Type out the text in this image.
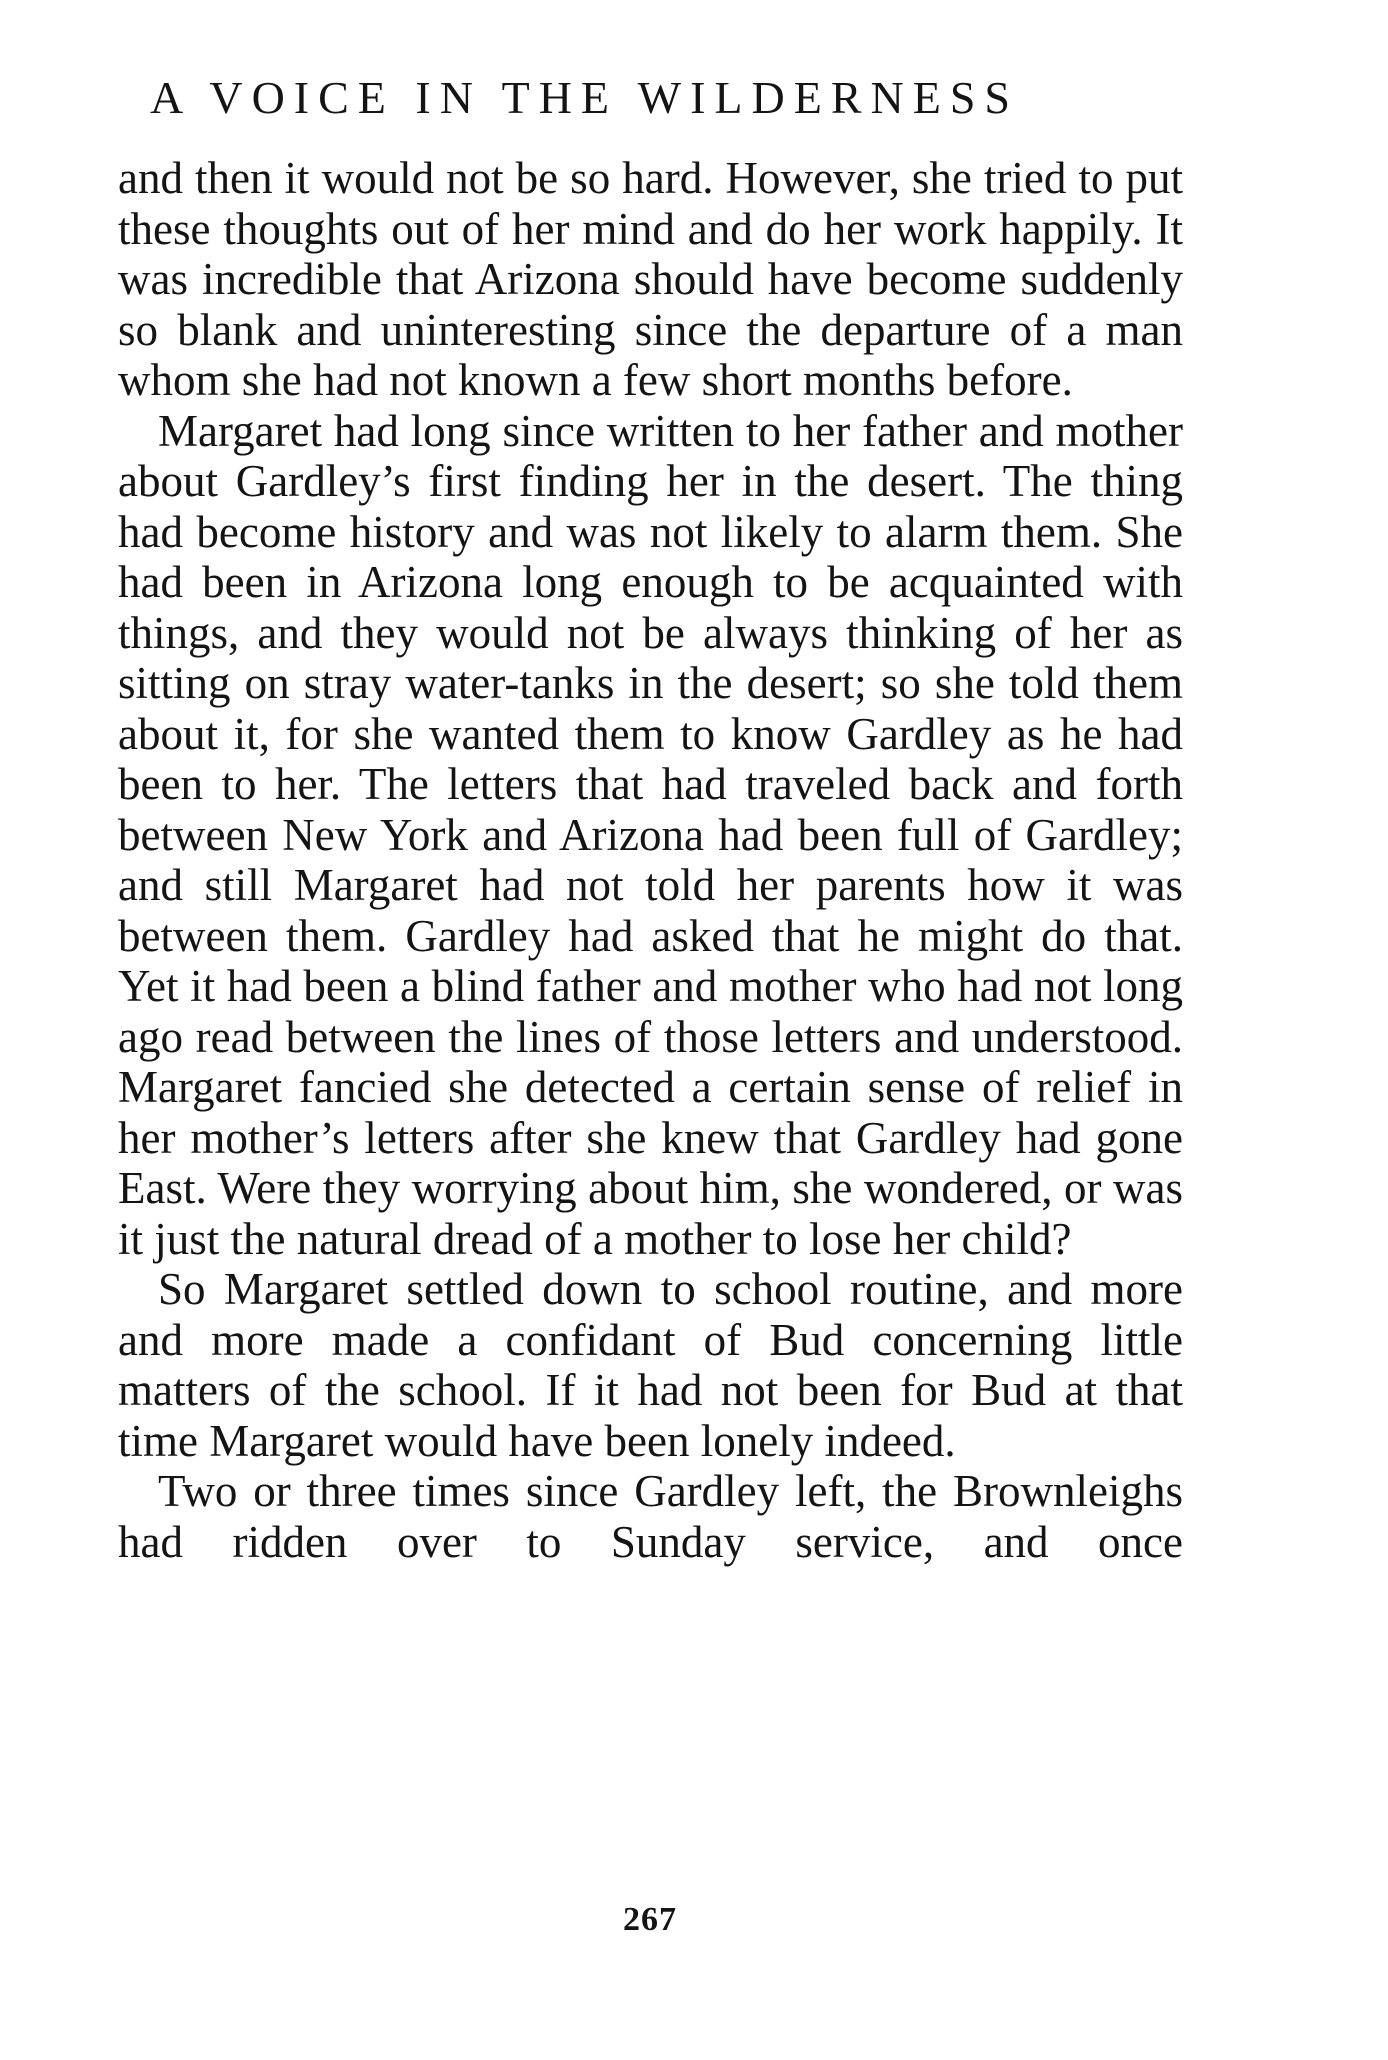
A VOICE IN THE WILDERNESS

and then it would not be so hard. However, she tried to put these thoughts out of her mind and do her work happily. It was incredible that Arizona should have become suddenly so blank and uninteresting since the departure of a man whom she had not known a few short months before.

Margaret had long since written to her father and mother about Gardley’s first finding her in the desert. The thing had become history and was not likely to alarm them. She had been in Arizona long enough to be acquainted with things, and they would not be always thinking of her as sitting on stray water-tanks in the desert; so she told them about it, for she wanted them to know Gardley as he had been to her. The letters that had traveled back and forth between New York and Arizona had been full of Gardley; and still Margaret had not told her parents how it was between them. Gardley had asked that he might do that. Yet it had been a blind father and mother who had not long ago read between the lines of those letters and understood. Margaret fancied she detected a certain sense of relief in her mother’s letters after she knew that Gardley had gone East. Were they worrying about him, she wondered, or was it just the natural dread of a mother to lose her child?

So Margaret settled down to school routine, and more and more made a confidant of Bud concerning little matters of the school. If it had not been for Bud at that time Margaret would have been lonely indeed.

Two or three times since Gardley left, the Brownleighs had ridden over to Sunday service, and once

267
